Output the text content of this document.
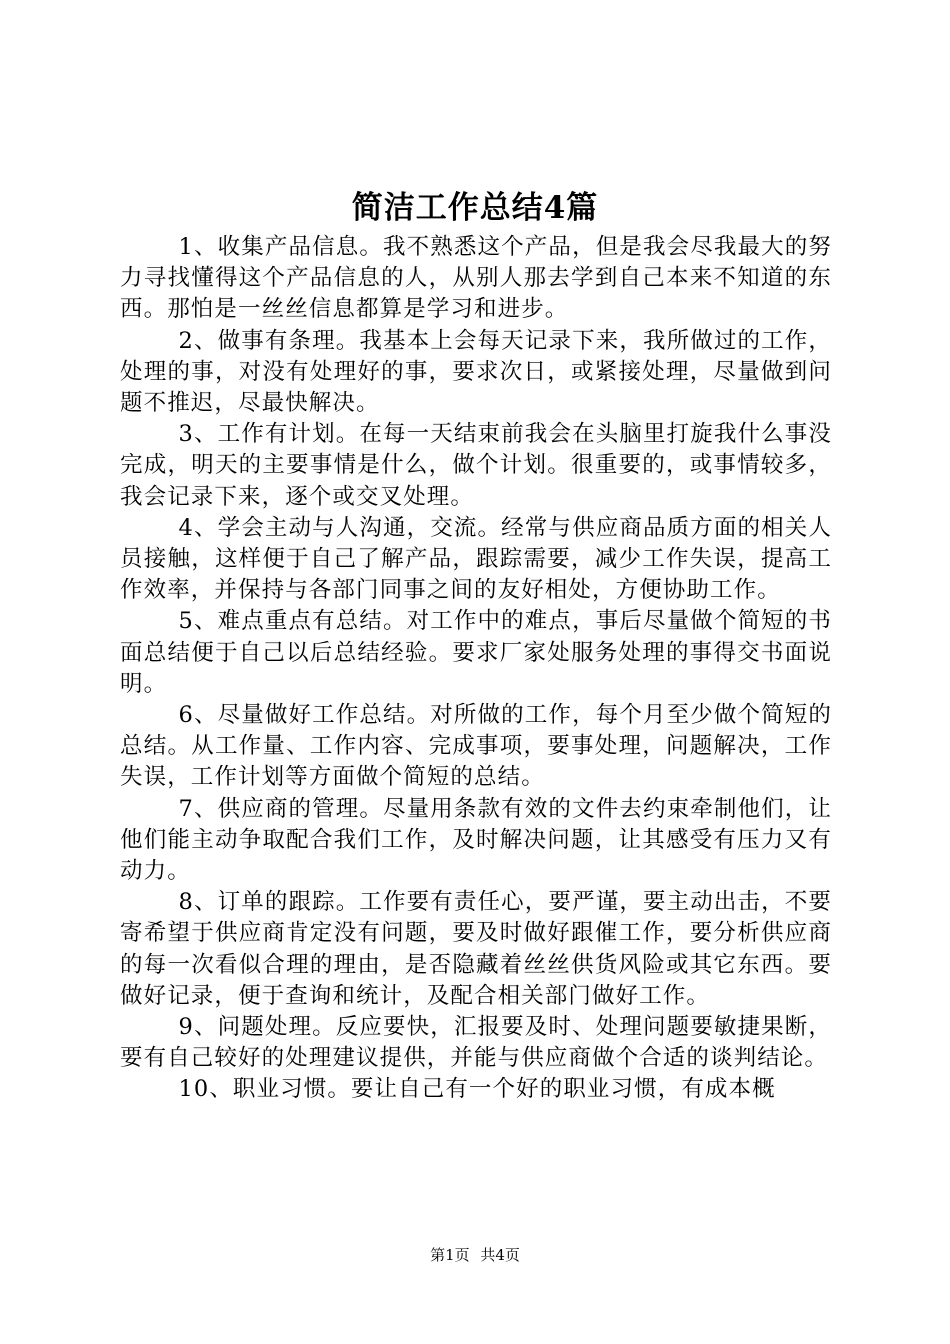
简洁工作总结4篇

1、收集产品信息。我不熟悉这个产品，但是我会尽我最大的努力寻找懂得这个产品信息的人，从别人那去学到自己本来不知道的东西。那怕是一丝丝信息都算是学习和进步。

2、做事有条理。我基本上会每天记录下来，我所做过的工作，处理的事，对没有处理好的事，要求次日，或紧接处理，尽量做到问题不推迟，尽最快解决。

3、工作有计划。在每一天结束前我会在头脑里打旋我什么事没完成，明天的主要事情是什么，做个计划。很重要的，或事情较多，我会记录下来，逐个或交叉处理。

4、学会主动与人沟通，交流。经常与供应商品质方面的相关人员接触，这样便于自己了解产品，跟踪需要，减少工作失误，提高工作效率，并保持与各部门同事之间的友好相处，方便协助工作。

5、难点重点有总结。对工作中的难点，事后尽量做个简短的书面总结便于自己以后总结经验。要求厂家处服务处理的事得交书面说明。

6、尽量做好工作总结。对所做的工作，每个月至少做个简短的总结。从工作量、工作内容、完成事项，要事处理，问题解决，工作失误，工作计划等方面做个简短的总结。

7、供应商的管理。尽量用条款有效的文件去约束牵制他们，让他们能主动争取配合我们工作，及时解决问题，让其感受有压力又有动力。

8、订单的跟踪。工作要有责任心，要严谨，要主动出击，不要寄希望于供应商肯定没有问题，要及时做好跟催工作，要分析供应商的每一次看似合理的理由，是否隐藏着丝丝供货风险或其它东西。要做好记录，便于查询和统计，及配合相关部门做好工作。

9、问题处理。反应要快，汇报要及时、处理问题要敏捷果断，要有自己较好的处理建议提供，并能与供应商做个合适的谈判结论。

10、职业习惯。要让自己有一个好的职业习惯，有成本概

第1页 共4页
